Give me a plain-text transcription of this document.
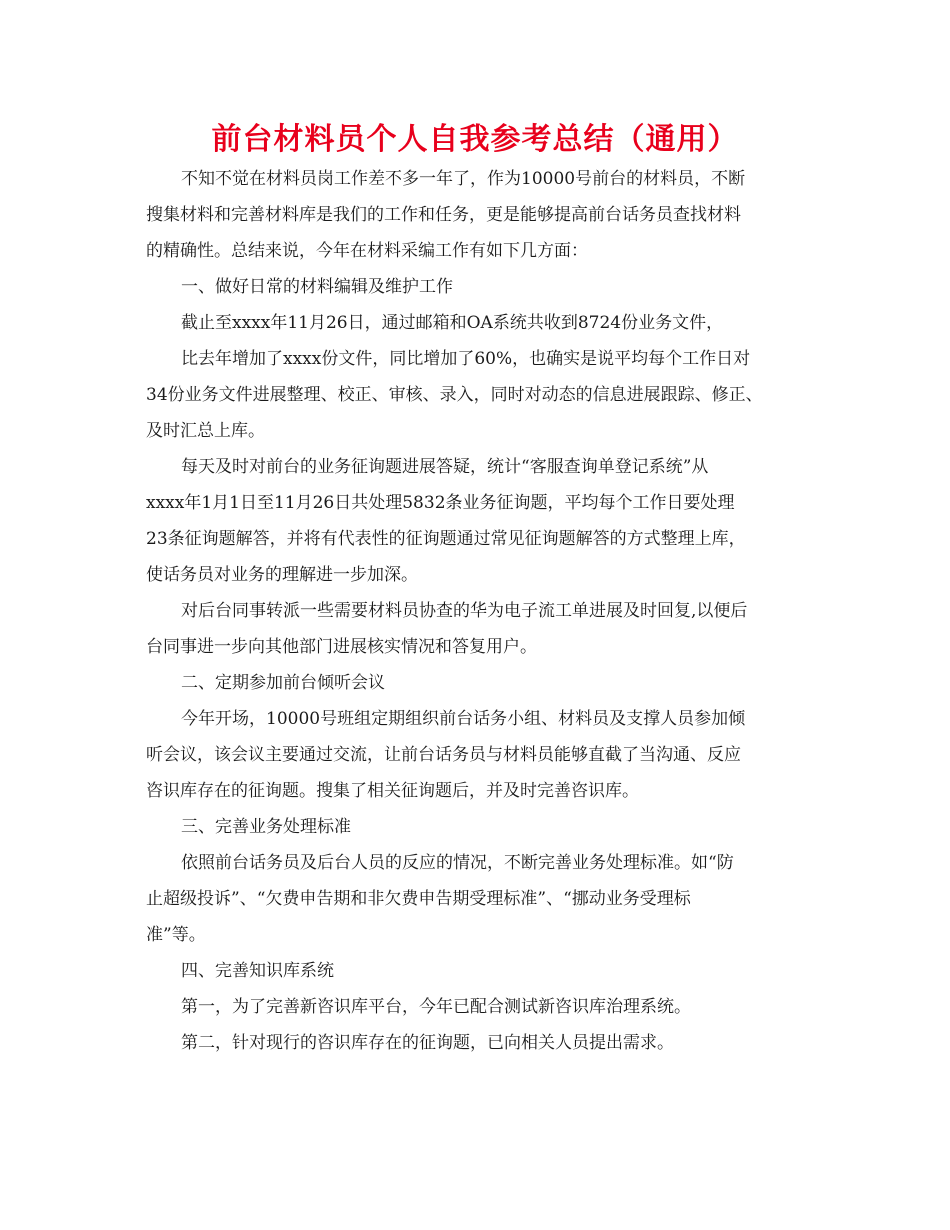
前台材料员个人自我参考总结（通用）
不知不觉在材料员岗工作差不多一年了，作为10000号前台的材料员，不断
搜集材料和完善材料库是我们的工作和任务，更是能够提高前台话务员查找材料
的精确性。总结来说，今年在材料采编工作有如下几方面：
一、做好日常的材料编辑及维护工作
截止至xxxx年11月26日，通过邮箱和OA系统共收到8724份业务文件，
比去年增加了xxxx份文件，同比增加了60%，也确实是说平均每个工作日对
34份业务文件进展整理、校正、审核、录入，同时对动态的信息进展跟踪、修正、
及时汇总上库。
每天及时对前台的业务征询题进展答疑，统计“客服查询单登记系统”从
xxxx年1月1日至11月26日共处理5832条业务征询题，平均每个工作日要处理
23条征询题解答，并将有代表性的征询题通过常见征询题解答的方式整理上库，
使话务员对业务的理解进一步加深。
对后台同事转派一些需要材料员协查的华为电子流工单进展及时回复,以便后
台同事进一步向其他部门进展核实情况和答复用户。
二、定期参加前台倾听会议
今年开场，10000号班组定期组织前台话务小组、材料员及支撑人员参加倾
听会议，该会议主要通过交流，让前台话务员与材料员能够直截了当沟通、反应
咨识库存在的征询题。搜集了相关征询题后，并及时完善咨识库。
三、完善业务处理标准
依照前台话务员及后台人员的反应的情况，不断完善业务处理标准。如“防
止超级投诉”、“欠费申告期和非欠费申告期受理标准”、“挪动业务受理标
准”等。
四、完善知识库系统
第一，为了完善新咨识库平台，今年已配合测试新咨识库治理系统。
第二，针对现行的咨识库存在的征询题，已向相关人员提出需求。
